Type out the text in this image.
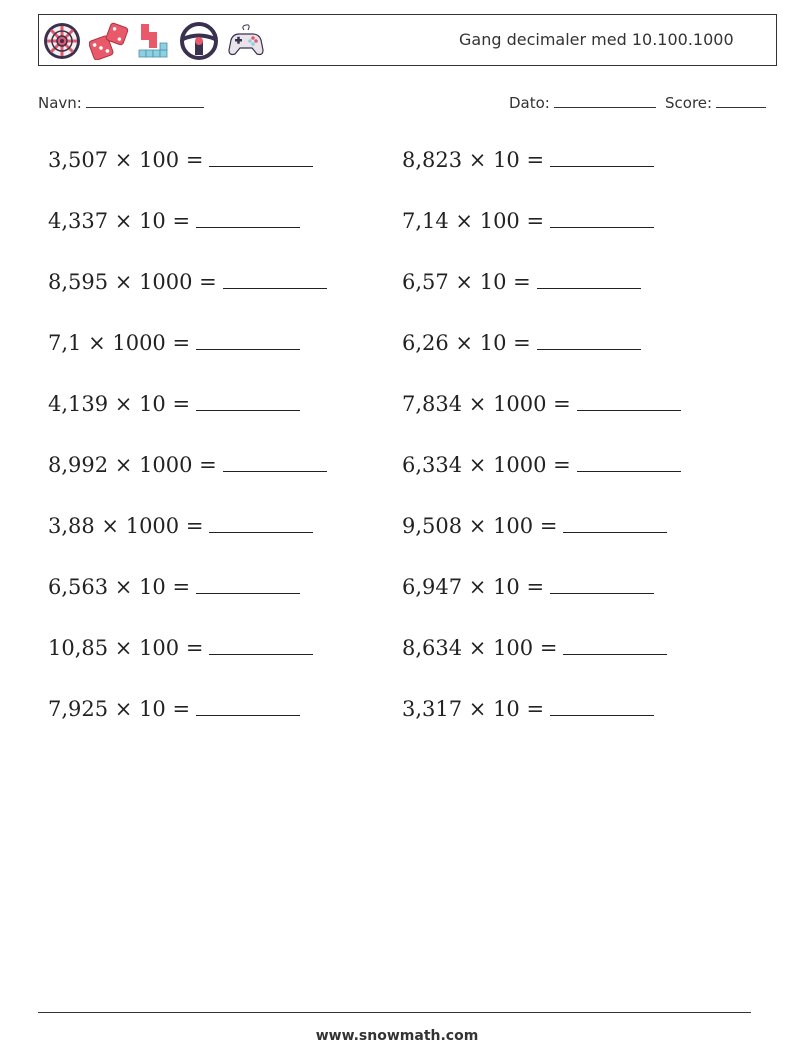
Gang decimaler med 10.100.1000
Navn:	Dato:	Score:
3,507 × 100 =	8,823 × 10 =
4,337 × 10 =	7,14 × 100 =
8,595 × 1000 =	6,57 × 10 =
7,1 × 1000 =	6,26 × 10 =
4,139 × 10 =	7,834 × 1000 =
8,992 × 1000 =	6,334 × 1000 =
3,88 × 1000 =	9,508 × 100 =
6,563 × 10 =	6,947 × 10 =
10,85 × 100 =	8,634 × 100 =
7,925 × 10 =	3,317 × 10 =
www.snowmath.com
